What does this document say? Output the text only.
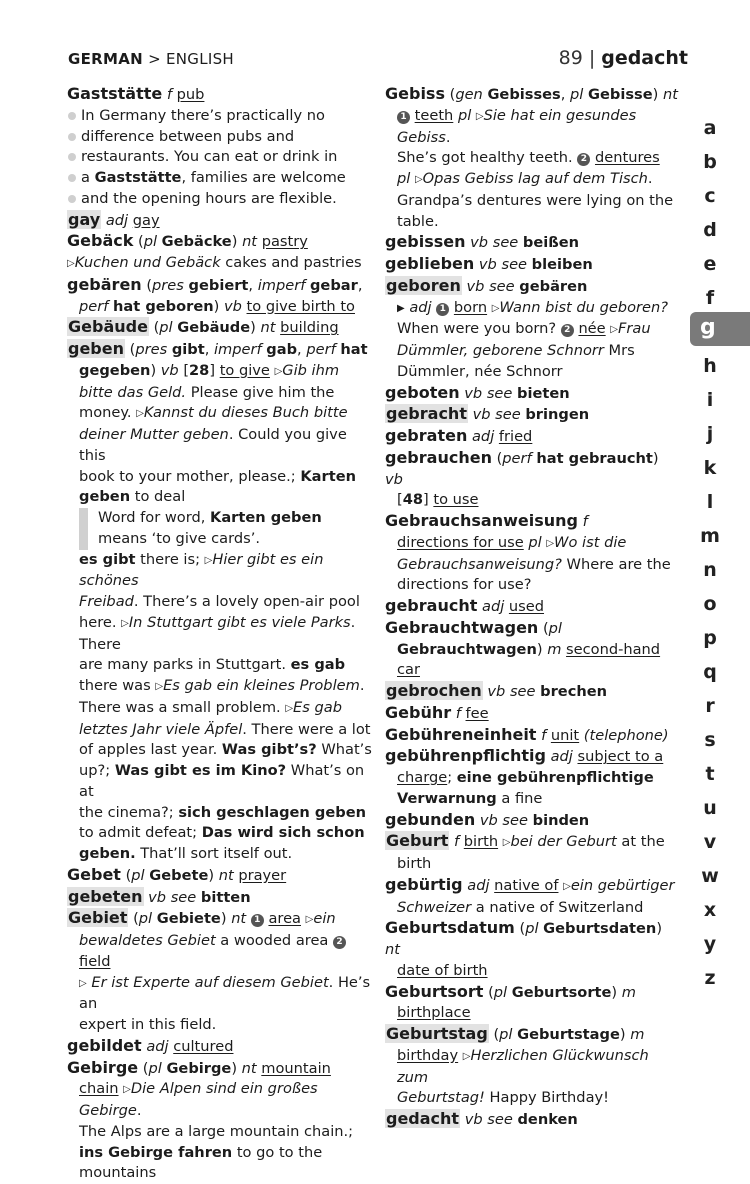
GERMAN > ENGLISH	89 | gedacht
Gaststätte f pub
In Germany there’s practically no
difference between pubs and
restaurants. You can eat or drink in
a Gaststätte, families are welcome
and the opening hours are flexible.
gay adj gay
Gebäck (pl Gebäcke) nt pastry ▷Kuchen und Gebäck cakes and pastries
gebären (pres gebiert, imperf gebar,
perf hat geboren) vb to give birth to
Gebäude (pl Gebäude) nt building
geben (pres gibt, imperf gab, perf hat
gegeben) vb [28] to give ▷Gib ihm
bitte das Geld. Please give him the
money. ▷Kannst du dieses Buch bitte
deiner Mutter geben. Could you give this
book to your mother, please.; Karten
geben to deal
Word for word, Karten geben
means ‘to give cards’.
es gibt there is; ▷Hier gibt es ein schönes
Freibad. There’s a lovely open-air pool
here. ▷In Stuttgart gibt es viele Parks. There
are many parks in Stuttgart. es gab
there was ▷Es gab ein kleines Problem.
There was a small problem. ▷Es gab
letztes Jahr viele Äpfel. There were a lot
of apples last year. Was gibt’s? What’s
up?; Was gibt es im Kino? What’s on at
the cinema?; sich geschlagen geben
to admit defeat; Das wird sich schon
geben. That’ll sort itself out.
Gebet (pl Gebete) nt prayer
gebeten vb see bitten
Gebiet (pl Gebiete) nt 1 area ▷ein
bewaldetes Gebiet a wooded area 2 field
▷ Er ist Experte auf diesem Gebiet. He’s an
expert in this field.
gebildet adj cultured
Gebirge (pl Gebirge) nt mountain
chain ▷Die Alpen sind ein großes Gebirge.
The Alps are a large mountain chain.;
ins Gebirge fahren to go to the
mountains
Gebiss (gen Gebisses, pl Gebisse) nt
1 teeth pl ▷Sie hat ein gesundes Gebiss.
She’s got healthy teeth. 2 dentures
pl ▷Opas Gebiss lag auf dem Tisch.
Grandpa’s dentures were lying on the
table.
gebissen vb see beißen
geblieben vb see bleiben
geboren vb see gebären
▶ adj 1 born ▷Wann bist du geboren?
When were you born? 2 née ▷Frau
Dümmler, geborene Schnorr Mrs
Dümmler, née Schnorr
geboten vb see bieten
gebracht vb see bringen
gebraten adj fried
gebrauchen (perf hat gebraucht) vb
[48] to use
Gebrauchsanweisung f
directions for use pl ▷Wo ist die
Gebrauchsanweisung? Where are the
directions for use?
gebraucht adj used
Gebrauchtwagen (pl
Gebrauchtwagen) m second-hand
car
gebrochen vb see brechen
Gebühr f fee
Gebühreneinheit f unit (telephone)
gebührenpflichtig adj subject to a
charge; eine gebührenpflichtige
Verwarnung a fine
gebunden vb see binden
Geburt f birth ▷bei der Geburt at the
birth
gebürtig adj native of ▷ein gebürtiger
Schweizer a native of Switzerland
Geburtsdatum (pl Geburtsdaten) nt
date of birth
Geburtsort (pl Geburtsorte) m
birthplace
Geburtstag (pl Geburtstage) m
birthday ▷Herzlichen Glückwunsch zum
Geburtstag! Happy Birthday!
gedacht vb see denken
g
a
b
c
d
e
f
h
i
j
k
l
m
n
o
p
q
r
s
t
u
v
w
x
y
z
